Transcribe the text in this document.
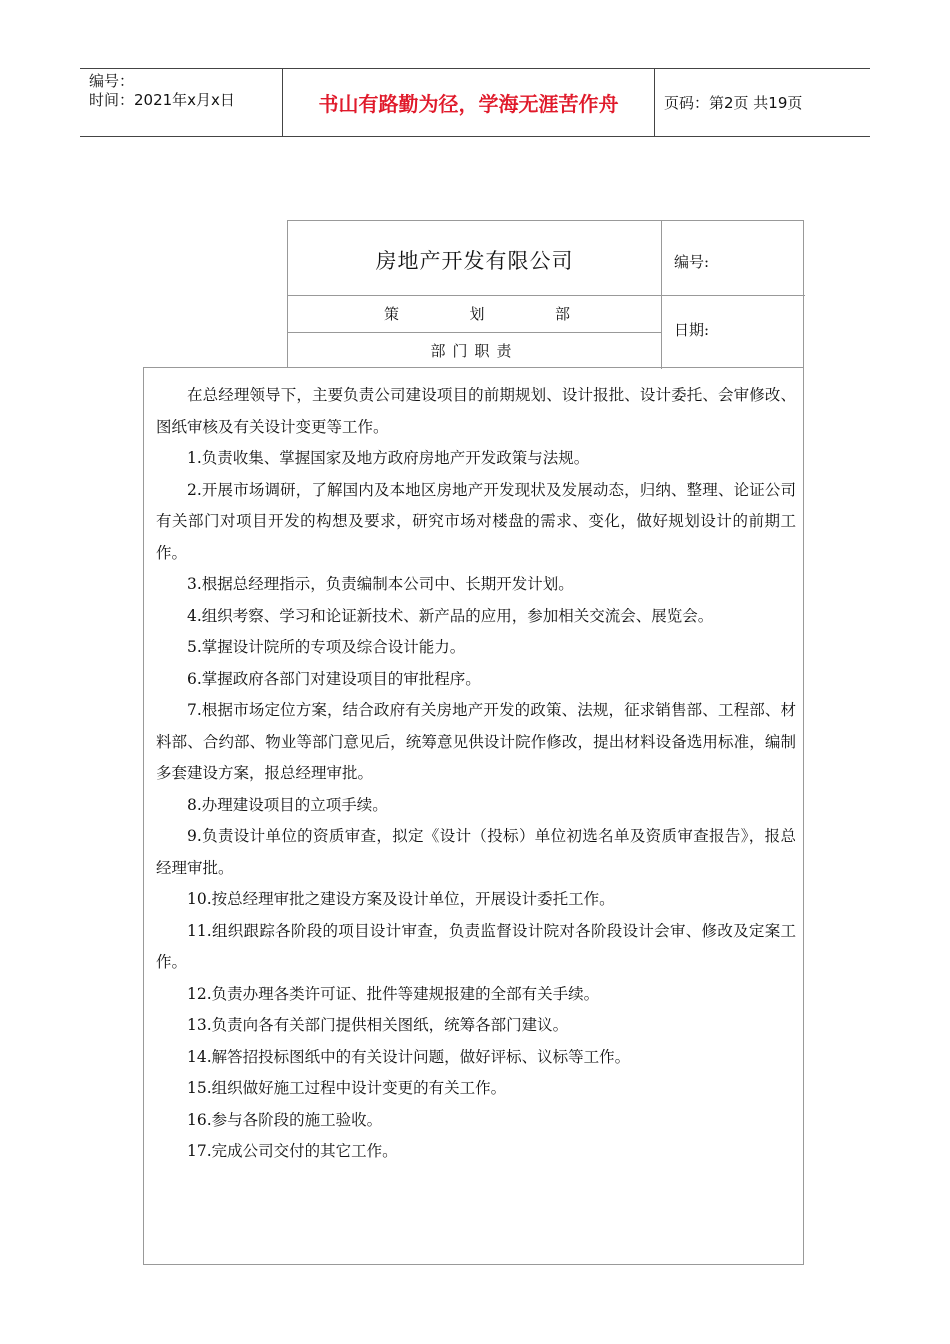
编号：
时间：2021年x月x日	书山有路勤为径，学海无涯苦作舟	页码：第2页 共19页
房地产开发有限公司	编号:
策	划	部
日期:
部门职责

在总经理领导下，主要负责公司建设项目的前期规划、设计报批、设计委托、会审修改、图纸审核及有关设计变更等工作。

1.负责收集、掌握国家及地方政府房地产开发政策与法规。

2.开展市场调研，了解国内及本地区房地产开发现状及发展动态，归纳、整理、论证公司有关部门对项目开发的构想及要求，研究市场对楼盘的需求、变化，做好规划设计的前期工作。

3.根据总经理指示，负责编制本公司中、长期开发计划。

4.组织考察、学习和论证新技术、新产品的应用，参加相关交流会、展览会。

5.掌握设计院所的专项及综合设计能力。

6.掌握政府各部门对建设项目的审批程序。

7.根据市场定位方案，结合政府有关房地产开发的政策、法规，征求销售部、工程部、材料部、合约部、物业等部门意见后，统筹意见供设计院作修改，提出材料设备选用标准，编制多套建设方案，报总经理审批。

8.办理建设项目的立项手续。

9.负责设计单位的资质审查，拟定《设计（投标）单位初选名单及资质审查报告》，报总经理审批。

10.按总经理审批之建设方案及设计单位，开展设计委托工作。

11.组织跟踪各阶段的项目设计审查，负责监督设计院对各阶段设计会审、修改及定案工作。

12.负责办理各类许可证、批件等建规报建的全部有关手续。

13.负责向各有关部门提供相关图纸，统筹各部门建议。

14.解答招投标图纸中的有关设计问题，做好评标、议标等工作。

15.组织做好施工过程中设计变更的有关工作。

16.参与各阶段的施工验收。

17.完成公司交付的其它工作。
